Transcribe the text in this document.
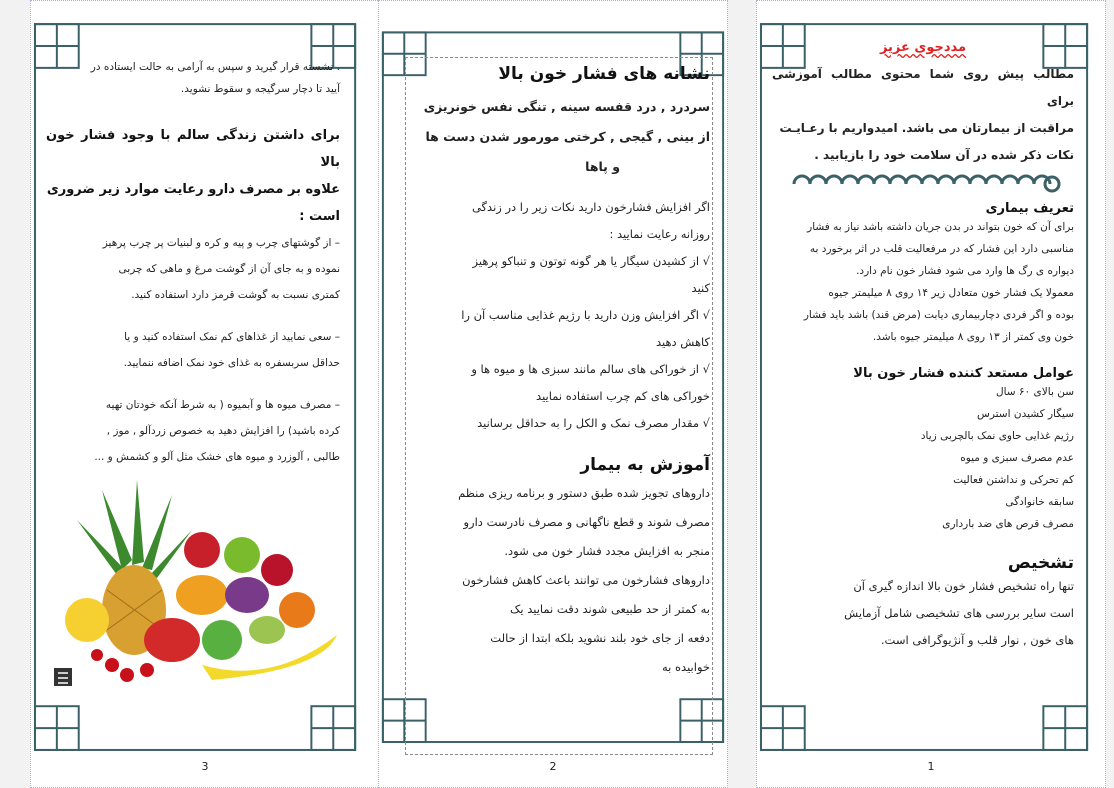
3	2	1

مددجوی عزیز

مطالب پیش روی شما محتوی مطالب آموزشی برای
مراقبت از بیمارتان می باشد. امیدواریم با رعـایـت
نکات ذکر شده در آن سلامت خود را بازیابید .

تعریف بیماری

برای آن که خون بتواند در بدن جریان داشته باشد نیاز به فشار
مناسبی دارد این فشار که در مرفعالیت قلب در اثر برخورد به
دیواره ی رگ ها وارد می شود فشار خون نام دارد.
معمولا یک فشار خون متعادل زیر ۱۴ روی ۸ میلیمتر جیوه
بوده و اگر فردی دچاربیماری دیابت (مرض قند) باشد باید فشار
خون وی کمتر از ۱۳ روی ۸ میلیمتر جیوه باشد.

عوامل مستعد کننده فشار خون بالا

سن بالای ۶۰ سال
سیگار کشیدن استرس
رژیم غذایی حاوی نمک بالچربی زیاد
عدم مصرف سبزی و میوه
کم تحرکی و نداشتن فعالیت
سابقه خانوادگی
مصرف قرص های ضد بارداری

تشخیص

تنها راه تشخیص فشار خون بالا اندازه گیری آن
است سایر بررسی های تشخیصی شامل آزمایش
های خون , نوار قلب و آنژیوگرافی است.

نشانه های فشار خون بالا

سردرد , درد قفسه سینه , تنگی نفس خونریزی
از بینی , گیجی , کرختی مورمور شدن دست ها
و پاها
اگر افزایش فشارخون دارید نکات زیر را در زندگی
روزانه رعایت نمایید :
√ از کشیدن سیگار یا هر گونه توتون و تنباکو پرهیز
کنید
√ اگر افزایش وزن دارید با رژیم غذایی مناسب آن را
کاهش دهید
√ از خوراکی های سالم مانند سبزی ها و میوه ها و
خوراکی های کم چرب استفاده نمایید
√ مقدار مصرف نمک و الکل را به حداقل برسانید

آموزش به بیمار

داروهای تجویز شده طبق دستور و برنامه ریزی منظم
مصرف شوند و قطع ناگهانی و مصرف نادرست دارو
منجر به افزایش مجدد فشار خون می شود.
داروهای فشارخون می توانند باعث کاهش فشارخون
به کمتر از حد طبیعی شوند دقت نمایید یک
دفعه از جای خود بلند نشوید بلکه ابتدا از حالت
خوابیده به
. نشسته قرار گیرید و سپس به آرامی به حالت ایستاده در
آیید تا دچار سرگیجه و سقوط نشوید.
برای داشتن زندگی سالم با وجود فشار خون بالا
علاوه بر مصرف دارو رعایت موارد زیر ضروری
است :
– از گوشتهای چرب و پیه و کره و لبنیات پر چرب پرهیز
نموده و به جای آن از گوشت مرغ و ماهی که چربی
کمتری نسبت به گوشت قرمز دارد استفاده کنید.
– سعی نمایید از غذاهای کم نمک استفاده کنید و یا
حداقل سربسفره به غذای خود نمک اضافه ننمایید.
– مصرف میوه ها و آبمیوه ( به شرط آنکه خودتان تهیه
کرده باشید) را افزایش دهید به خصوص زردآلو , موز ,
طالبی , آلوزرد و میوه های خشک مثل آلو و کشمش و ...
